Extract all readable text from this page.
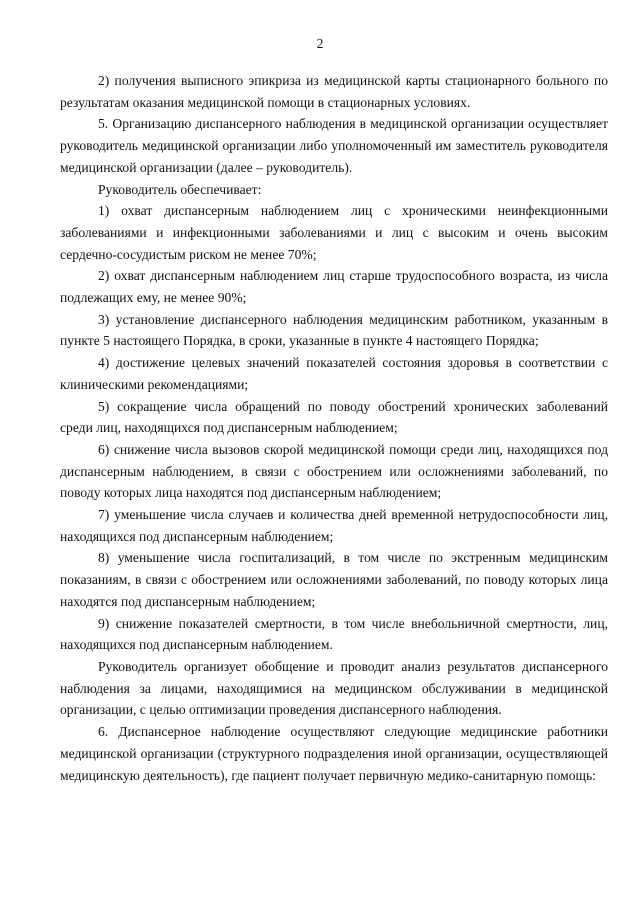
2

2) получения выписного эпикриза из медицинской карты стационарного больного по результатам оказания медицинской помощи в стационарных условиях.

5. Организацию диспансерного наблюдения в медицинской организации осуществляет руководитель медицинской организации либо уполномоченный им заместитель руководителя медицинской организации (далее – руководитель).

Руководитель обеспечивает:

1) охват диспансерным наблюдением лиц с хроническими неинфекционными заболеваниями и инфекционными заболеваниями и лиц с высоким и очень высоким сердечно-сосудистым риском не менее 70%;

2) охват диспансерным наблюдением лиц старше трудоспособного возраста, из числа подлежащих ему, не менее 90%;

3) установление диспансерного наблюдения медицинским работником, указанным в пункте 5 настоящего Порядка, в сроки, указанные в пункте 4 настоящего Порядка;

4) достижение целевых значений показателей состояния здоровья в соответствии с клиническими рекомендациями;

5) сокращение числа обращений по поводу обострений хронических заболеваний среди лиц, находящихся под диспансерным наблюдением;

6) снижение числа вызовов скорой медицинской помощи среди лиц, находящихся под диспансерным наблюдением, в связи с обострением или осложнениями заболеваний, по поводу которых лица находятся под диспансерным наблюдением;

7) уменьшение числа случаев и количества дней временной нетрудоспособности лиц, находящихся под диспансерным наблюдением;

8) уменьшение числа госпитализаций, в том числе по экстренным медицинским показаниям, в связи с обострением или осложнениями заболеваний, по поводу которых лица находятся под диспансерным наблюдением;

9) снижение показателей смертности, в том числе внебольничной смертности, лиц, находящихся под диспансерным наблюдением.

Руководитель организует обобщение и проводит анализ результатов диспансерного наблюдения за лицами, находящимися на медицинском обслуживании в медицинской организации, с целью оптимизации проведения диспансерного наблюдения.

6. Диспансерное наблюдение осуществляют следующие медицинские работники медицинской организации (структурного подразделения иной организации, осуществляющей медицинскую деятельность), где пациент получает первичную медико-санитарную помощь:
